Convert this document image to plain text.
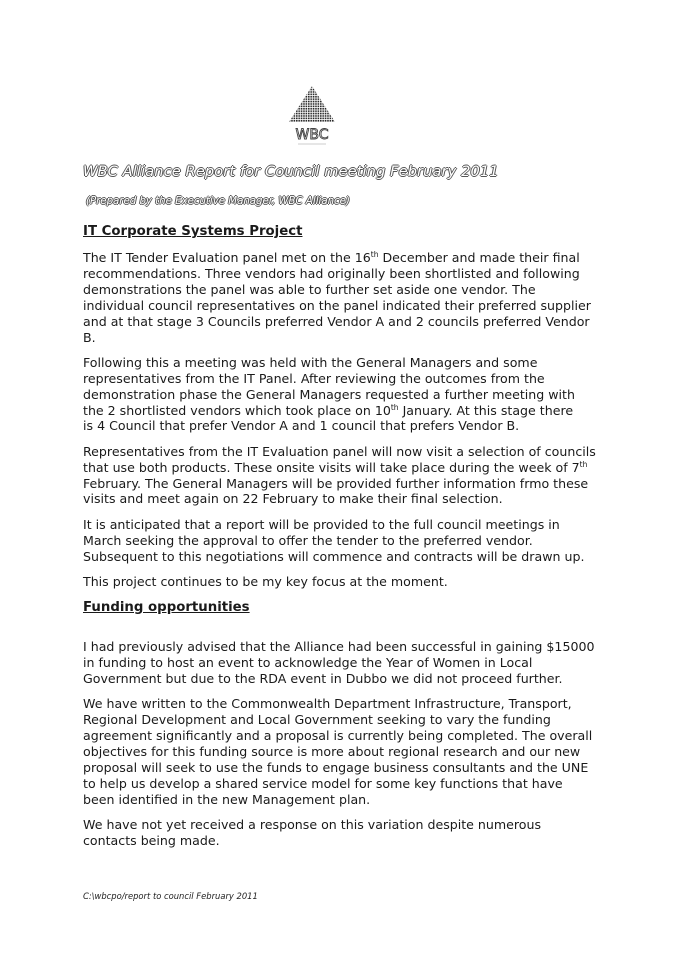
WBC
WBC Alliance Report for Council meeting February 2011
(Prepared by the Executive Manager, WBC Alliance)
IT Corporate Systems Project

The IT Tender Evaluation panel met on the 16th December and made their final
recommendations. Three vendors had originally been shortlisted and following
demonstrations the panel was able to further set aside one vendor. The
individual council representatives on the panel indicated their preferred supplier
and at that stage 3 Councils preferred Vendor A and 2 councils preferred Vendor
B.

Following this a meeting was held with the General Managers and some
representatives from the IT Panel. After reviewing the outcomes from the
demonstration phase the General Managers requested a further meeting with
the 2 shortlisted vendors which took place on 10th January. At this stage there
is 4 Council that prefer Vendor A and 1 council that prefers Vendor B.

Representatives from the IT Evaluation panel will now visit a selection of councils
that use both products. These onsite visits will take place during the week of 7th
February. The General Managers will be provided further information frmo these
visits and meet again on 22 February to make their final selection.

It is anticipated that a report will be provided to the full council meetings in
March seeking the approval to offer the tender to the preferred vendor.
Subsequent to this negotiations will commence and contracts will be drawn up.

This project continues to be my key focus at the moment.

Funding opportunities

I had previously advised that the Alliance had been successful in gaining $15000
in funding to host an event to acknowledge the Year of Women in Local
Government but due to the RDA event in Dubbo we did not proceed further.

We have written to the Commonwealth Department Infrastructure, Transport,
Regional Development and Local Government seeking to vary the funding
agreement significantly and a proposal is currently being completed. The overall
objectives for this funding source is more about regional research and our new
proposal will seek to use the funds to engage business consultants and the UNE
to help us develop a shared service model for some key functions that have
been identified in the new Management plan.

We have not yet received a response on this variation despite numerous
contacts being made.

C:\wbcpo/report to council February 2011
